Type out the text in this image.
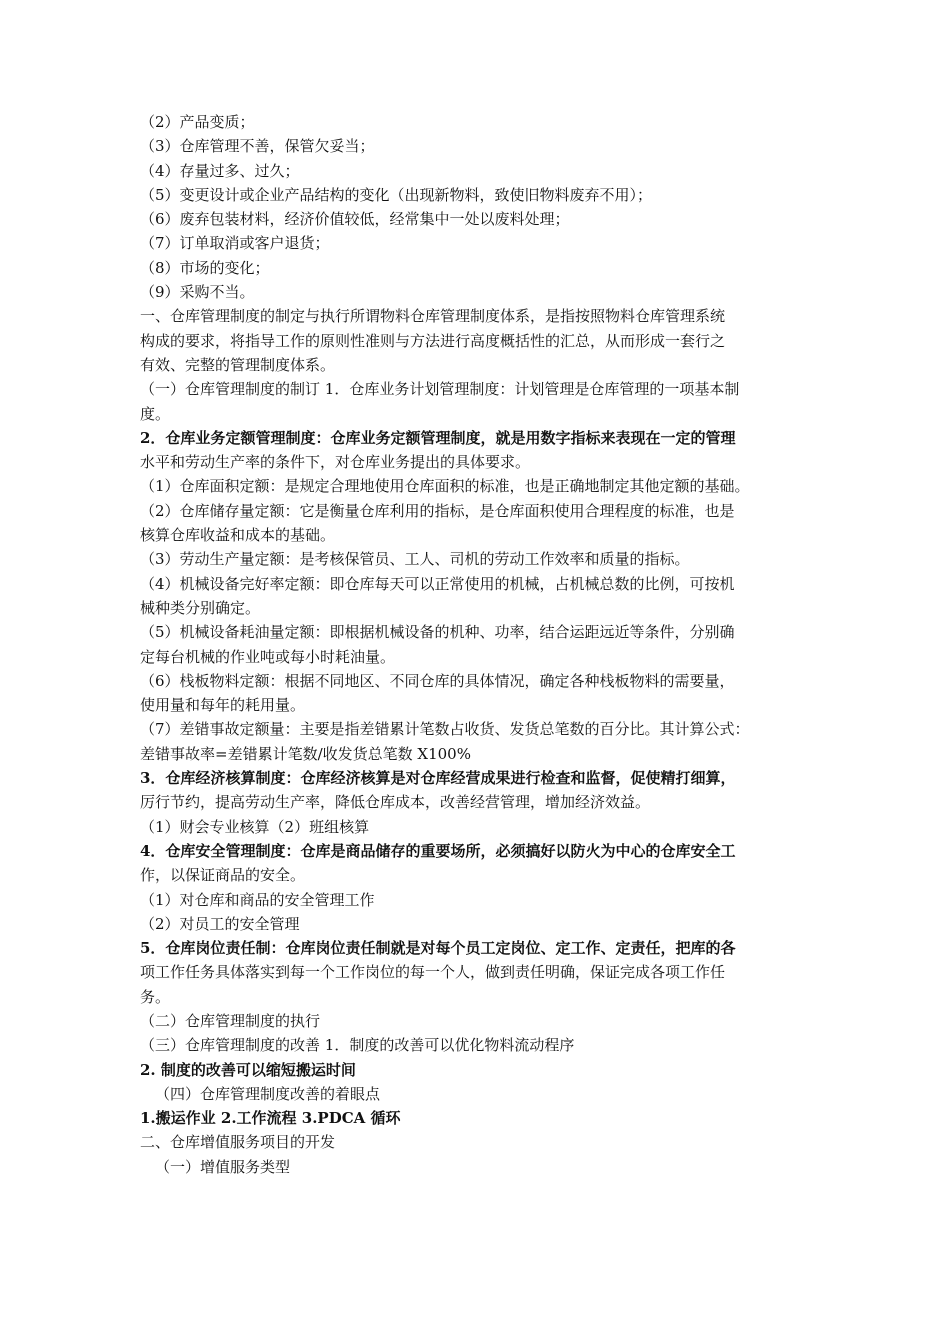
（2）产品变质；
（3）仓库管理不善，保管欠妥当；
（4）存量过多、过久；
（5）变更设计或企业产品结构的变化（出现新物料，致使旧物料废弃不用）；
（6）废弃包装材料，经济价值较低，经常集中一处以废料处理；
（7）订单取消或客户退货；
（8）市场的变化；
（9）采购不当。
一、仓库管理制度的制定与执行所谓物料仓库管理制度体系，是指按照物料仓库管理系统
构成的要求，将指导工作的原则性准则与方法进行高度概括性的汇总，从而形成一套行之
有效、完整的管理制度体系。
（一）仓库管理制度的制订 1．仓库业务计划管理制度：计划管理是仓库管理的一项基本制
度。
2．仓库业务定额管理制度：仓库业务定额管理制度，就是用数字指标来表现在一定的管理
水平和劳动生产率的条件下，对仓库业务提出的具体要求。
（1）仓库面积定额：是规定合理地使用仓库面积的标准，也是正确地制定其他定额的基础。
（2）仓库储存量定额：它是衡量仓库利用的指标，是仓库面积使用合理程度的标准，也是
核算仓库收益和成本的基础。
（3）劳动生产量定额：是考核保管员、工人、司机的劳动工作效率和质量的指标。
（4）机械设备完好率定额：即仓库每天可以正常使用的机械，占机械总数的比例，可按机
械种类分别确定。
（5）机械设备耗油量定额：即根据机械设备的机种、功率，结合运距远近等条件，分别确
定每台机械的作业吨或每小时耗油量。
（6）栈板物料定额：根据不同地区、不同仓库的具体情况，确定各种栈板物料的需要量，
使用量和每年的耗用量。
（7）差错事故定额量：主要是指差错累计笔数占收货、发货总笔数的百分比。其计算公式：
差错事故率=差错累计笔数/收发货总笔数 X100%
3．仓库经济核算制度：仓库经济核算是对仓库经营成果进行检查和监督，促使精打细算，
厉行节约，提高劳动生产率，降低仓库成本，改善经营管理，增加经济效益。
（1）财会专业核算（2）班组核算
4．仓库安全管理制度：仓库是商品储存的重要场所，必须搞好以防火为中心的仓库安全工
作，以保证商品的安全。
（1）对仓库和商品的安全管理工作
（2）对员工的安全管理
5．仓库岗位责任制：仓库岗位责任制就是对每个员工定岗位、定工作、定责任，把库的各
项工作任务具体落实到每一个工作岗位的每一个人，做到责任明确，保证完成各项工作任
务。
（二）仓库管理制度的执行
（三）仓库管理制度的改善 1．制度的改善可以优化物料流动程序
2. 制度的改善可以缩短搬运时间
（四）仓库管理制度改善的着眼点
1.搬运作业 2.工作流程 3.PDCA 循环
二、仓库增值服务项目的开发
（一）增值服务类型
